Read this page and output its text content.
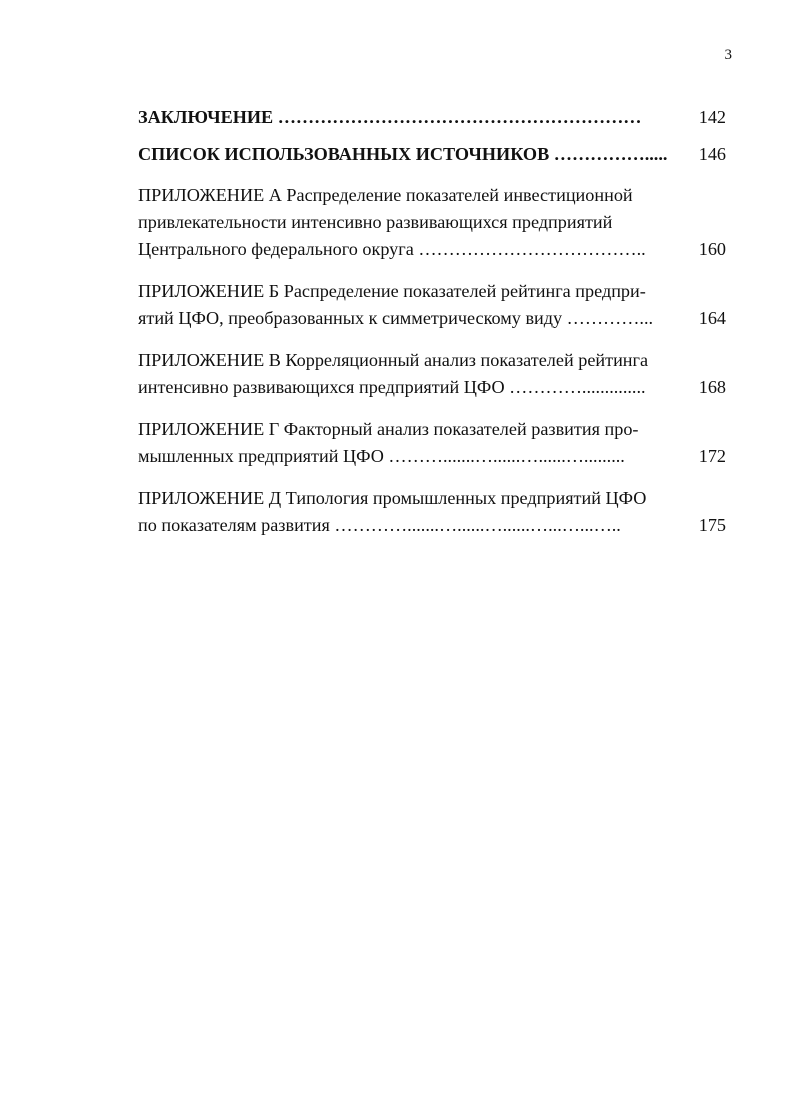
3
ЗАКЛЮЧЕНИЕ ……………………………………………………	142
СПИСОК ИСПОЛЬЗОВАННЫХ ИСТОЧНИКОВ …………….....	146
ПРИЛОЖЕНИЕ А Распределение показателей инвестиционной
привлекательности интенсивно развивающихся предприятий
Центрального федерального округа ………………………………..	160
ПРИЛОЖЕНИЕ Б Распределение показателей рейтинга предпри-
ятий ЦФО, преобразованных к симметрическому виду …………...	164
ПРИЛОЖЕНИЕ В Корреляционный анализ показателей рейтинга
интенсивно развивающихся предприятий ЦФО …………..............	168
ПРИЛОЖЕНИЕ Г Факторный анализ показателей развития про-
мышленных предприятий ЦФО ……….......…......…......….........	172
ПРИЛОЖЕНИЕ Д Типология промышленных предприятий ЦФО
по показателям развития ………….......…......…......…...…...…..	175
